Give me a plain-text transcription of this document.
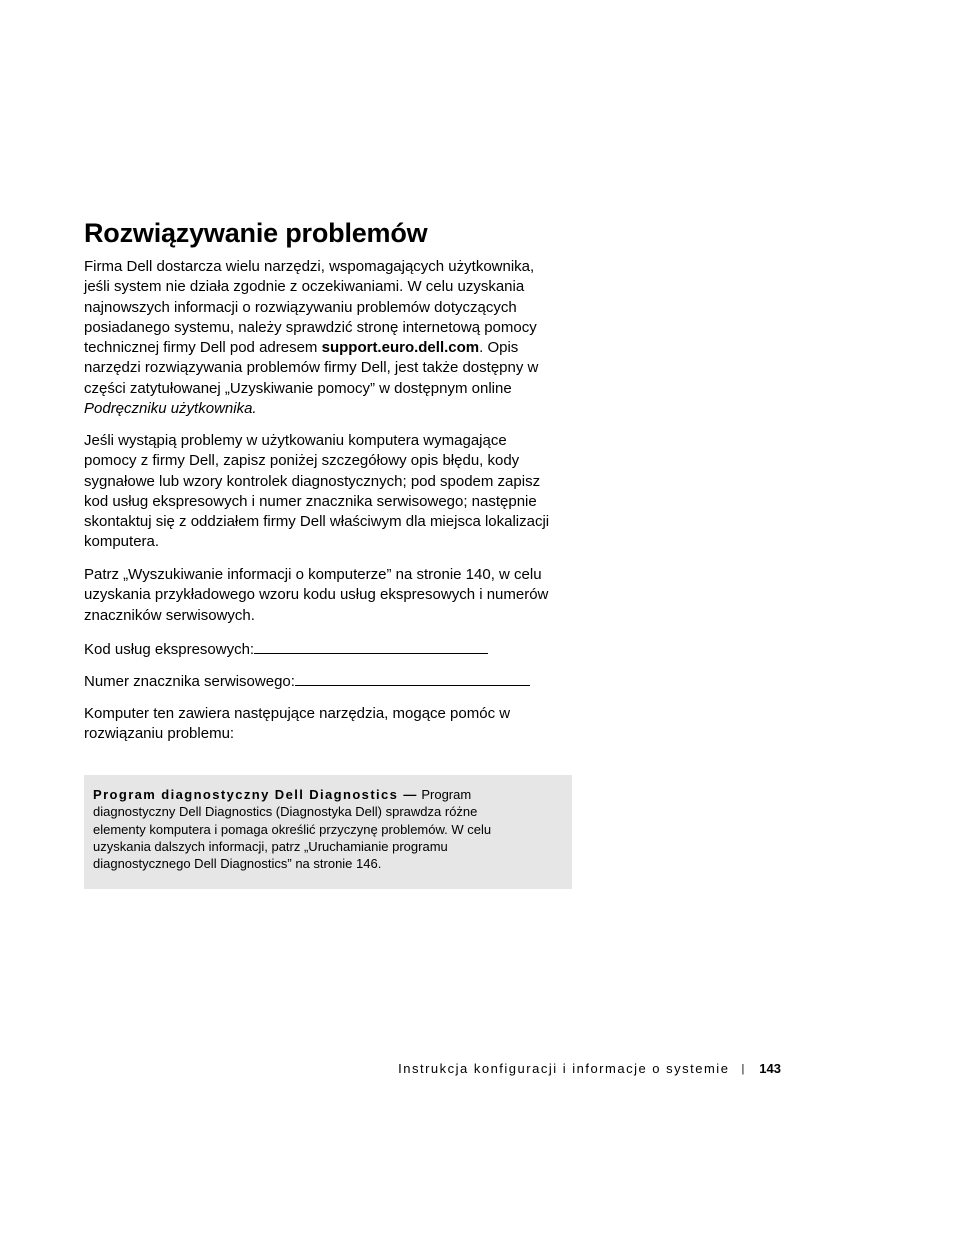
Rozwiązywanie problemów

Firma Dell dostarcza wielu narzędzi, wspomagających użytkownika,
jeśli system nie działa zgodnie z oczekiwaniami. W celu uzyskania
najnowszych informacji o rozwiązywaniu problemów dotyczących
posiadanego systemu, należy sprawdzić stronę internetową pomocy
technicznej firmy Dell pod adresem support.euro.dell.com. Opis
narzędzi rozwiązywania problemów firmy Dell, jest także dostępny w
części zatytułowanej „Uzyskiwanie pomocy” w dostępnym online
Podręczniku użytkownika.

Jeśli wystąpią problemy w użytkowaniu komputera wymagające
pomocy z firmy Dell, zapisz poniżej szczegółowy opis błędu, kody
sygnałowe lub wzory kontrolek diagnostycznych; pod spodem zapisz
kod usług ekspresowych i numer znacznika serwisowego; następnie
skontaktuj się z oddziałem firmy Dell właściwym dla miejsca lokalizacji
komputera.

Patrz „Wyszukiwanie informacji o komputerze” na stronie 140, w celu
uzyskania przykładowego wzoru kodu usług ekspresowych i numerów
znaczników serwisowych.

Kod usług ekspresowych:

Numer znacznika serwisowego:

Komputer ten zawiera następujące narzędzia, mogące pomóc w
rozwiązaniu problemu:

Program diagnostyczny Dell Diagnostics — Program
diagnostyczny Dell Diagnostics (Diagnostyka Dell) sprawdza różne
elementy komputera i pomaga określić przyczynę problemów. W celu
uzyskania dalszych informacji, patrz „Uruchamianie programu
diagnostycznego Dell Diagnostics” na stronie 146.

Instrukcja konfiguracji i informacje o systemie | 143
